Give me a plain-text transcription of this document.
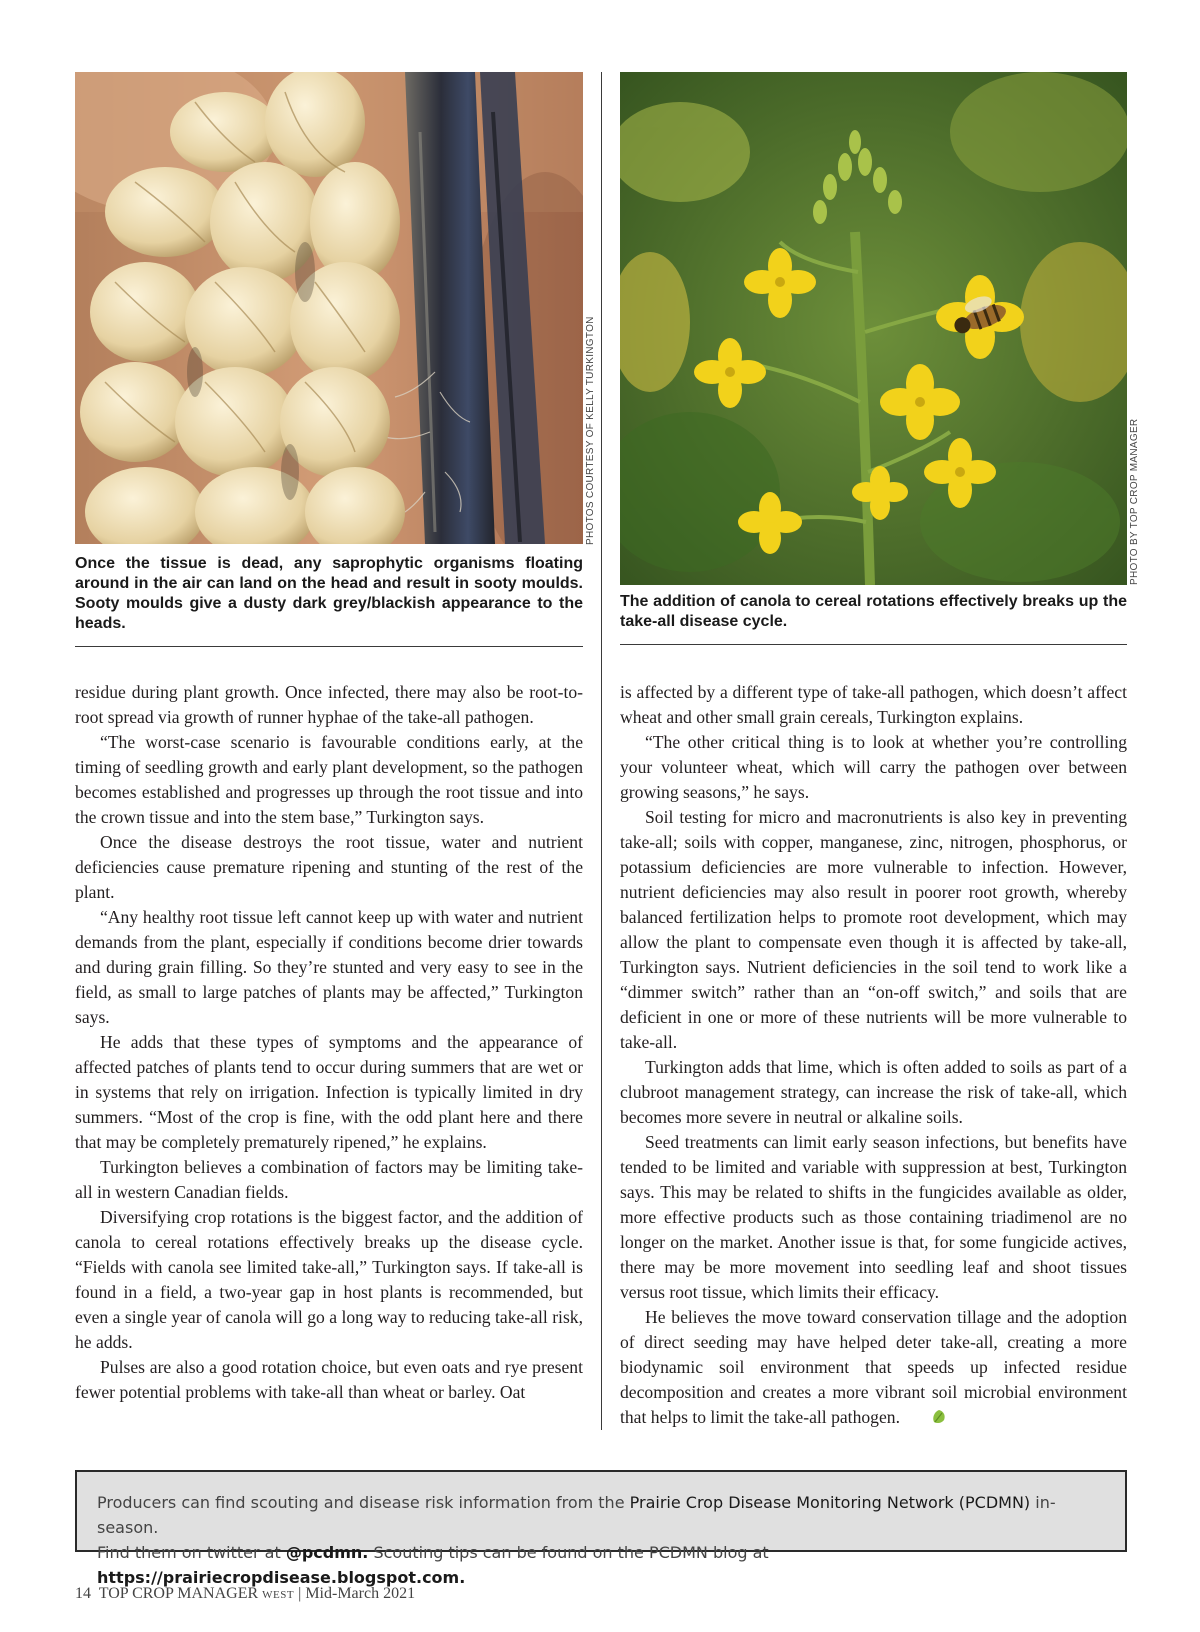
PHOTOS COURTESY OF KELLY TURKINGTON	PHOTO BY TOP CROP MANAGER
Once the tissue is dead, any saprophytic organisms floating around in the air can land on the head and result in sooty moulds. Sooty moulds give a dusty dark grey/blackish appearance to the heads.
The addition of canola to cereal rotations effectively breaks up the take-all disease cycle.

residue during plant growth. Once infected, there may also be root-to-root spread via growth of runner hyphae of the take-all pathogen.

“The worst-case scenario is favourable conditions early, at the timing of seedling growth and early plant development, so the pathogen becomes established and progresses up through the root tissue and into the crown tissue and into the stem base,” Turkington says.

Once the disease destroys the root tissue, water and nutrient deficiencies cause premature ripening and stunting of the rest of the plant.

“Any healthy root tissue left cannot keep up with water and nutrient demands from the plant, especially if conditions become drier towards and during grain filling. So they’re stunted and very easy to see in the field, as small to large patches of plants may be affected,” Turkington says.

He adds that these types of symptoms and the appearance of affected patches of plants tend to occur during summers that are wet or in systems that rely on irrigation. Infection is typically limited in dry summers. “Most of the crop is fine, with the odd plant here and there that may be completely prematurely ripened,” he explains.

Turkington believes a combination of factors may be limiting take-all in western Canadian fields.

Diversifying crop rotations is the biggest factor, and the addition of canola to cereal rotations effectively breaks up the disease cycle. “Fields with canola see limited take-all,” Turkington says. If take-all is found in a field, a two-year gap in host plants is recommended, but even a single year of canola will go a long way to reducing take-all risk, he adds.

Pulses are also a good rotation choice, but even oats and rye present fewer potential problems with take-all than wheat or barley. Oat

is affected by a different type of take-all pathogen, which doesn’t affect wheat and other small grain cereals, Turkington explains.

“The other critical thing is to look at whether you’re controlling your volunteer wheat, which will carry the pathogen over between growing seasons,” he says.

Soil testing for micro and macronutrients is also key in preventing take-all; soils with copper, manganese, zinc, nitrogen, phosphorus, or potassium deficiencies are more vulnerable to infection. However, nutrient deficiencies may also result in poorer root growth, whereby balanced fertilization helps to promote root development, which may allow the plant to compensate even though it is affected by take-all, Turkington says. Nutrient deficiencies in the soil tend to work like a “dimmer switch” rather than an “on-off switch,” and soils that are deficient in one or more of these nutrients will be more vulnerable to take-all.

Turkington adds that lime, which is often added to soils as part of a clubroot management strategy, can increase the risk of take-all, which becomes more severe in neutral or alkaline soils.

Seed treatments can limit early season infections, but benefits have tended to be limited and variable with suppression at best, Turkington says. This may be related to shifts in the fungicides available as older, more effective products such as those containing triadimenol are no longer on the market. Another issue is that, for some fungicide actives, there may be more movement into seedling leaf and shoot tissues versus root tissue, which limits their efficacy.

He believes the move toward conservation tillage and the adoption of direct seeding may have helped deter take-all, creating a more biodynamic soil environment that speeds up infected residue decomposition and creates a more vibrant soil microbial environment that helps to limit the take-all pathogen.

Producers can find scouting and disease risk information from the Prairie Crop Disease Monitoring Network (PCDMN) in-season.
Find them on twitter at @pcdmn. Scouting tips can be found on the PCDMN blog at https://prairiecropdisease.blogspot.com.
14 TOP CROP MANAGER WEST | Mid-March 2021
